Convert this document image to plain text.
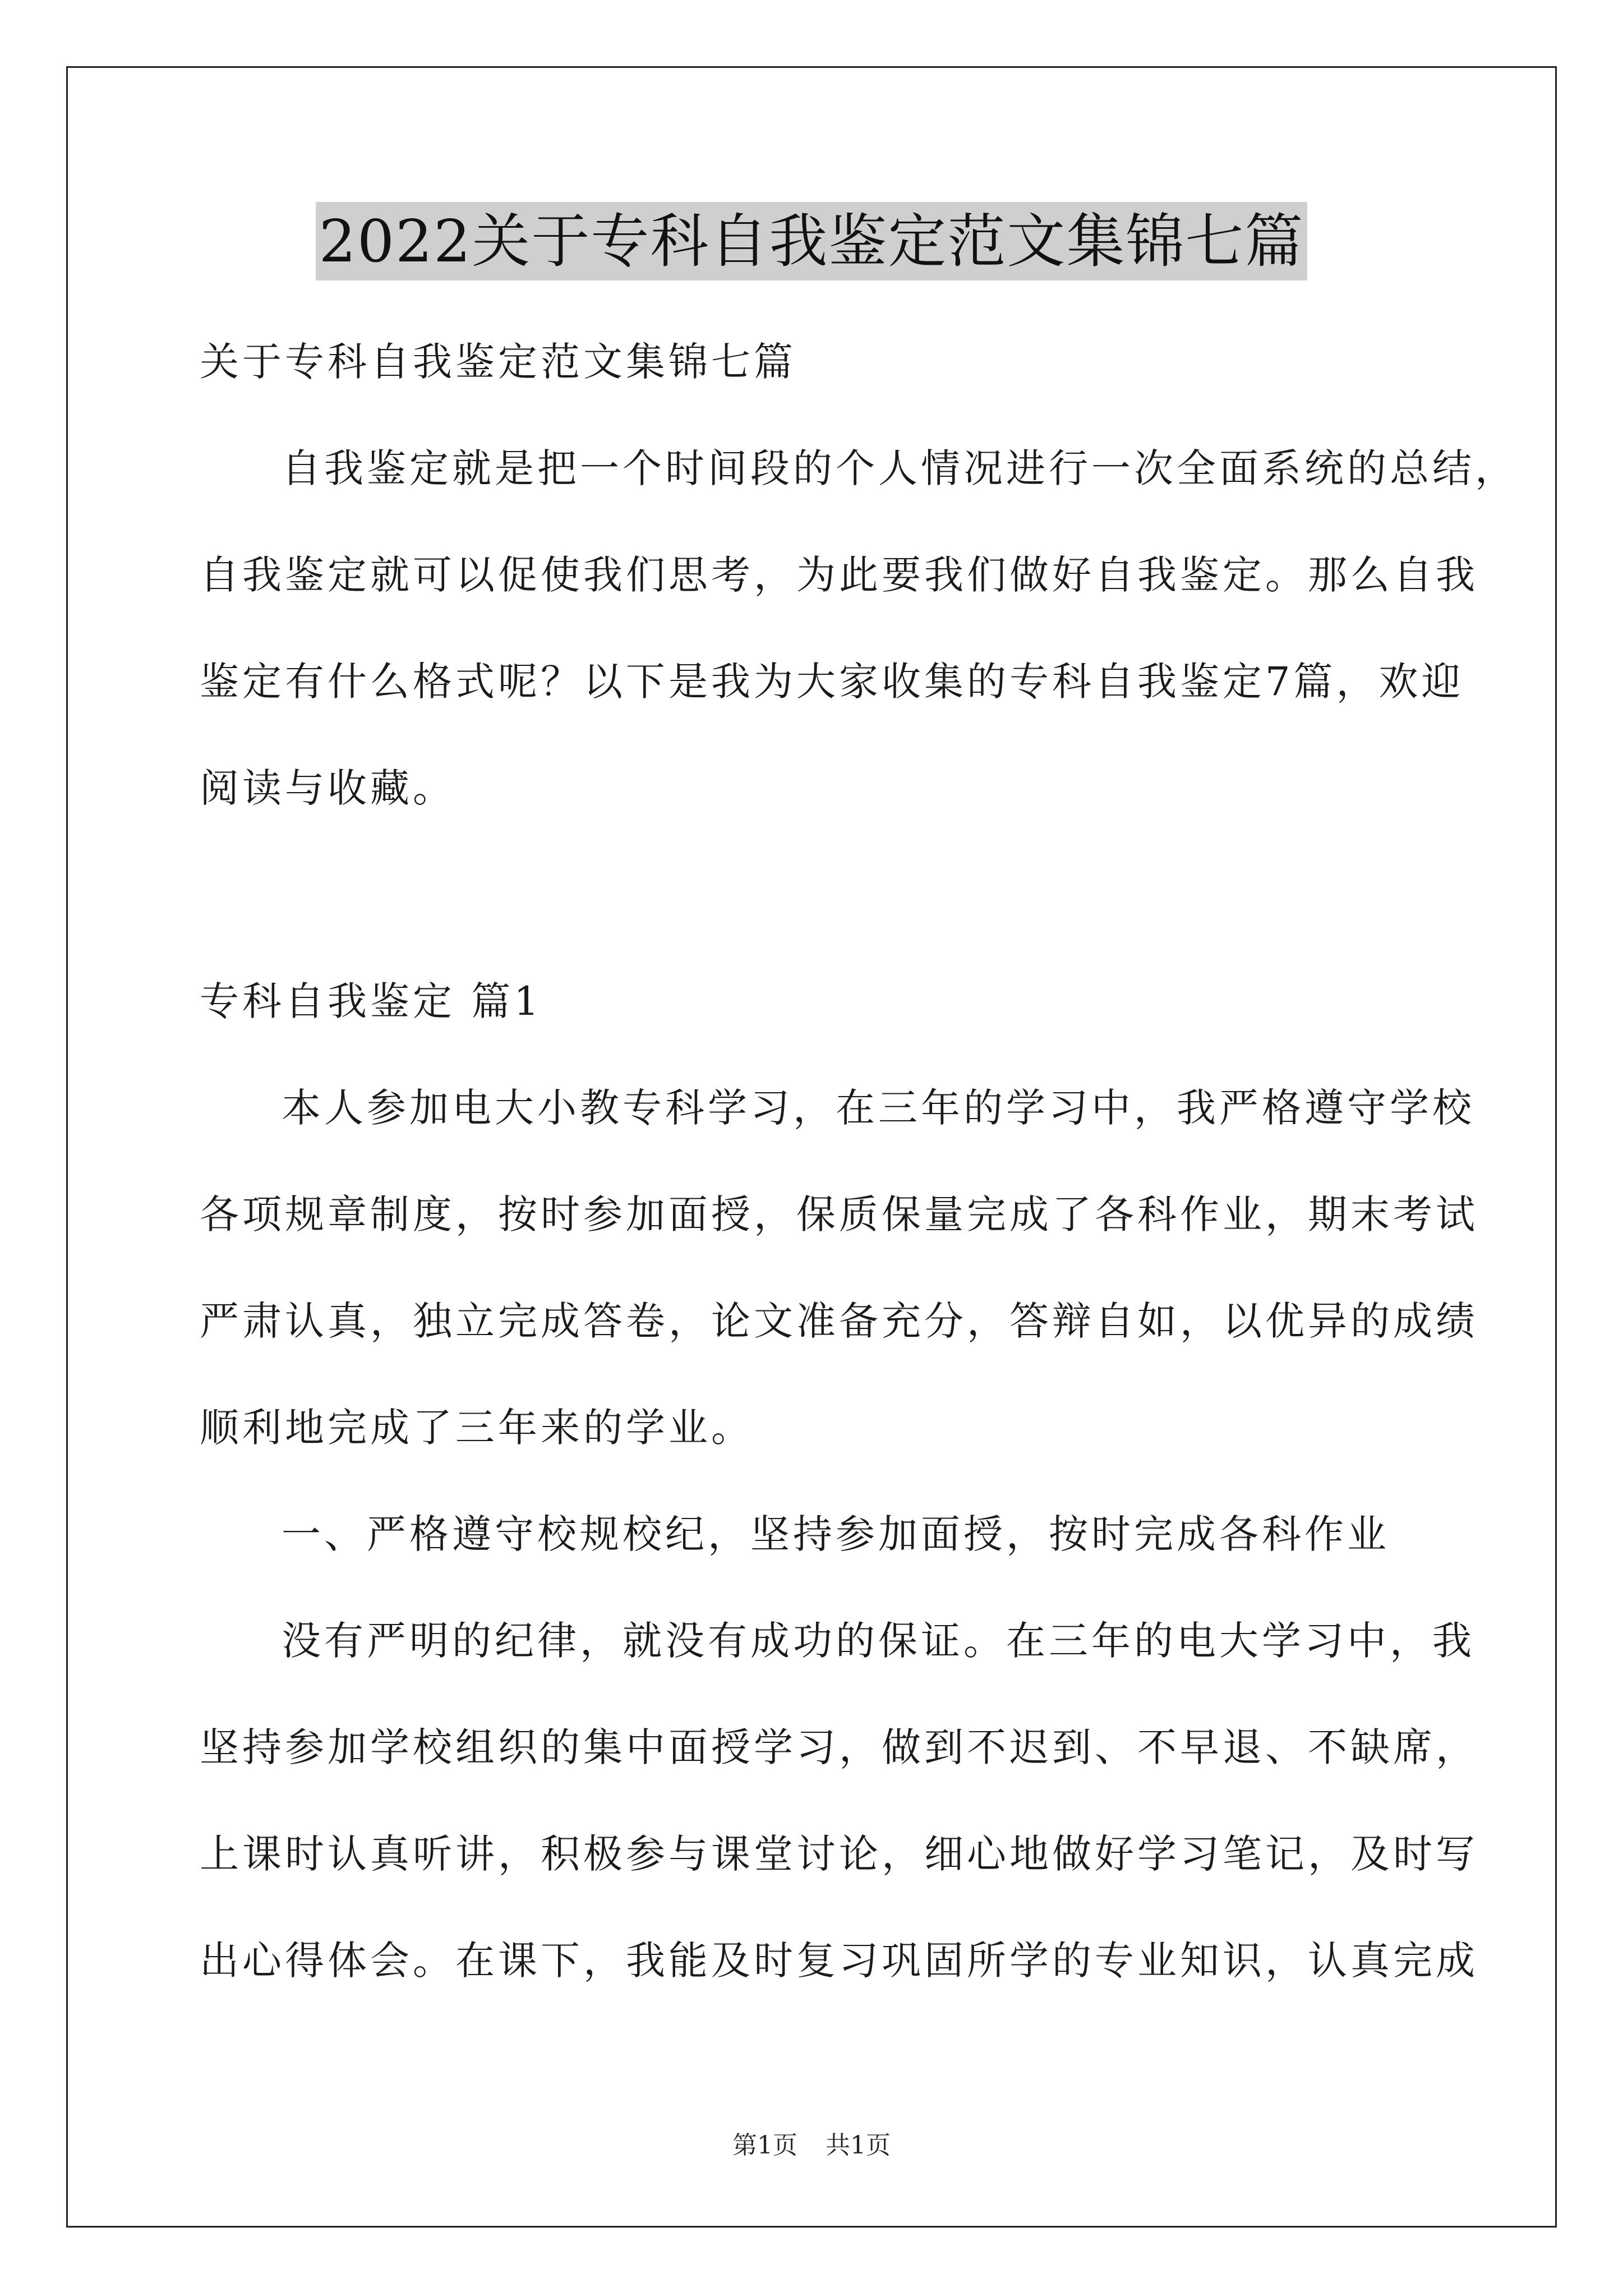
2022关于专科自我鉴定范文集锦七篇

关于专科自我鉴定范文集锦七篇

自我鉴定就是把一个时间段的个人情况进行一次全面系统的总结，

自我鉴定就可以促使我们思考，为此要我们做好自我鉴定。那么自我

鉴定有什么格式呢？以下是我为大家收集的专科自我鉴定7篇，欢迎

阅读与收藏。

专科自我鉴定 篇1

本人参加电大小教专科学习，在三年的学习中，我严格遵守学校

各项规章制度，按时参加面授，保质保量完成了各科作业，期末考试

严肃认真，独立完成答卷，论文准备充分，答辩自如，以优异的成绩

顺利地完成了三年来的学业。

一、严格遵守校规校纪，坚持参加面授，按时完成各科作业

没有严明的纪律，就没有成功的保证。在三年的电大学习中，我

坚持参加学校组织的集中面授学习，做到不迟到、不早退、不缺席，

上课时认真听讲，积极参与课堂讨论，细心地做好学习笔记，及时写

出心得体会。在课下，我能及时复习巩固所学的专业知识，认真完成

第1页 共1页
